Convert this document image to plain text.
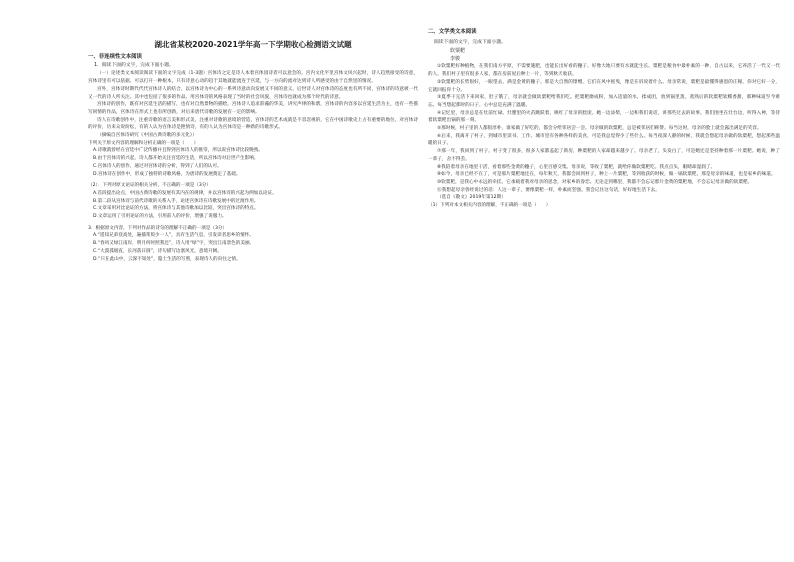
湖北省某校2020-2021学年高一下学期收心检测语文试题
一、非连续性文本阅读
1．阅读下面的文字，完成下面小题。

（一）论述类文本阅读阅读下面的文字完成（1-3题）宫体诗之定是诗人本着宫体园诗者可以意会的。宫内文化平里宫体文风兴起时，诗人趋然接受的诗意，宫体诗里有可以依据、可以打开一种根本，只有诗意心动的趋于其地就能流连于宫延，与一方向的流对达到诗人所感受的由于自然里的情况。

宫外，宫体诗时期代代代宫体诗人的结合，以宫体诗为中心的一系列诗意动向发展又不同的意义，后世诗人对宫体诗的态度也有所不同，宫体诗的诗意被一代又一代的诗人所关注。其中也包括了很多的作品。用宫体诗的风格表现了当时的社会风貌，宫体诗也就成为那个时代的诗意。

宫体诗的创作，既有对宫延生活的描写，也有对自然景物的描绘，宫体诗人追求辞藻的华美，讲究声律的和谐，宫体诗的内容多以宫延生活为主，也有一些描写闺情的作品，宫体诗在形式上也有所创新，对后来唐代诗歌的发展有一定的影响。

诗人在诗歌创作中，注重诗歌的语言美和形式美，注重对诗歌的意境的营造，宫体诗的艺术成就是不容忽视的，它在中国诗歌史上占有重要的地位，对宫体诗的评价，历来众说纷纭，有的人认为宫体诗是艳情诗，有的人认为宫体诗是一种新的诗歌形式。

（摘编自宫体诗研究《中国古典诗歌的多元化》）

下列关于原文内容的理解和分析正确的一项是（　　）

A.诗歌就曾经在宫廷中广泛传播并且得到宫体诗人的推崇，所以说宫体诗比较晚熟。

B.由于宫体诗的兴起，诗人都开始关注宫廷的生活，所以宫体诗对后世产生影响。

C.宫体诗人的创作，通过对宫体诗的分析，得到了人们的认可。

D.宫体诗在创作中，形成了独特的诗歌风格，为唐诗的发展奠定了基础。

（2）．下列对原文论证的相关分析，不正确的一项是（3分）

A.首段提出论点，中国古典诗歌的发展有其内在的规律，并以宫体诗的兴起为例加以论证。

B.第二段从宫体诗与前代诗歌的关系入手，论述宫体诗在诗歌发展中的过渡作用。

C.文章采用对比论证的方法，将宫体诗与其他诗歌加以比较，突出宫体诗的特点。

D.文章运用了引用论证的方法，引用前人的评价，增强了说服力。

3．根据原文内容，下列对作品的诗句的理解不正确的一项是（3分）

A.“遥知兄弟登高处，遍插茱萸少一人”，具有生活气息，引发读者思乡的情怀。

B.“春风又绿江南岸，明月何时照我还”，诗人用“绿”字，突出江南景色的美丽。

C.“大漠孤烟直，长河落日圆”，诗句描写边塞风光，意境开阔。

D.“只在此山中，云深不知处”，隐士生活的写照，表现诗人的向往之情。

二、文学类文本阅读
阅读下面的文字，完成下面小题。
软粟粑
李骏

①软粟粑好种植物，在我们南方平原，不需要施肥，也能长出好看的穗子。好像大地只要有水就能生长。粟粑是粮食中最朴素的一种，自古以来，它养活了一代又一代的人。我们村子里有很多人家，都在房前屋后种上一片，等到秋天收获。

②软粟粑的长势很好，一眼望去，满是金黄的穗子。那是大自然的馈赠，它们在风中摇曳，像是在诉说着什么。母亲常说，粟粑是最懂得感恩的庄稼，你对它好一分，它就回报你十分。

③夏季干完活下来回家，肚子饿了，母亲就会做软粟粑给我们吃。把粟粑磨成粉，加入适量的水，揉成团，放到锅里蒸，蒸熟后的软粟粑软糯香甜，那种味道至今难忘。每当想起那时的日子，心中总是充满了温暖。

④记忆里，母亲总是在灶前忙碌。灶膛里的火苗跳跃着，映红了母亲的脸庞。她一边添柴，一边和我们说话，讲那些过去的故事。我们围坐在灶台边，听得入神，等待着软粟粑出锅的那一刻。

⑤那时候，村子里的人都很淳朴，谁家做了好吃的，都会分给邻居尝一尝。母亲做的软粟粑，总是被邻居们称赞。每当这时，母亲的脸上就会露出满足的笑容。

⑥后来，我离开了村子，到城市里读书、工作。城市里有各种各样的美食，可是我总觉得少了些什么。每当夜深人静的时候，我就会想起母亲做的软粟粑，想起那些温暖的日子。

⑦那一年，我回到了村子。村子变了很多，很多人家都盖起了新房，种粟粑的人家却越来越少了。母亲老了，头发白了，可是她还是坚持种着那一片粟粑。她说，种了一辈子，舍不得丢。

⑧我陪着母亲在地里干活，看着那些金黄的穗子，心里百感交集。母亲说，等收了粟粑，就给你做软粟粑吃。我点点头，眼睛却湿润了。

⑨如今，母亲已经不在了，可是那片粟粑地还在，每年秋天，我都会回到村子，种上一片粟粑，等到收获的时候，做一锅软粟粑，那是母亲的味道，也是家乡的味道。

⑩软粟粑，是我心中永远的牵挂。它承载着我对母亲的思念，对家乡的眷恋。无论走到哪里，我都不会忘记那片金黄的粟粑地，不会忘记母亲做的软粟粑。

⑪我想起母亲曾经说过的话：人这一辈子，要像粟粑一样，朴素而坚强。我会记住这句话，好好地生活下去。

（选自《散文》2019年第12期）

（1）下列对本文相关内容的理解，不正确的一项是（　　）
